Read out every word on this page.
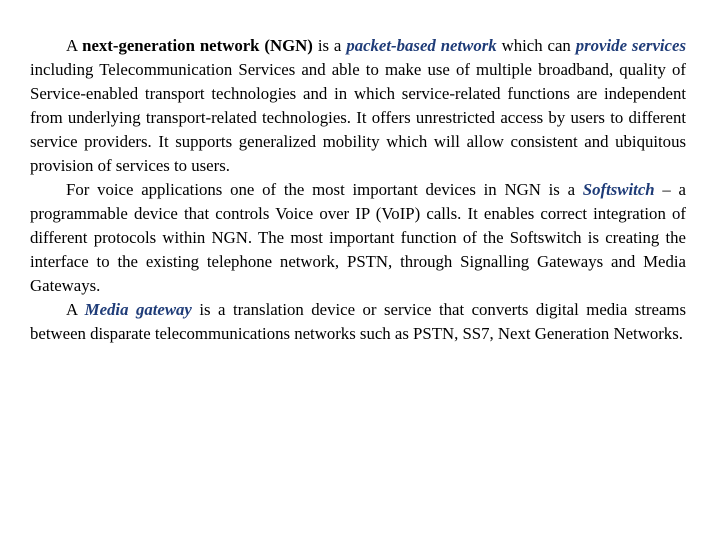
A next-generation network (NGN) is a packet-based network which can provide services including Telecommunication Services and able to make use of multiple broadband, quality of Service-enabled transport technologies and in which service-related functions are independent from underlying transport-related technologies. It offers unrestricted access by users to different service providers. It supports generalized mobility which will allow consistent and ubiquitous provision of services to users.

For voice applications one of the most important devices in NGN is a Softswitch – a programmable device that controls Voice over IP (VoIP) calls. It enables correct integration of different protocols within NGN. The most important function of the Softswitch is creating the interface to the existing telephone network, PSTN, through Signalling Gateways and Media Gateways.

A Media gateway is a translation device or service that converts digital media streams between disparate telecommunications networks such as PSTN, SS7, Next Generation Networks.
